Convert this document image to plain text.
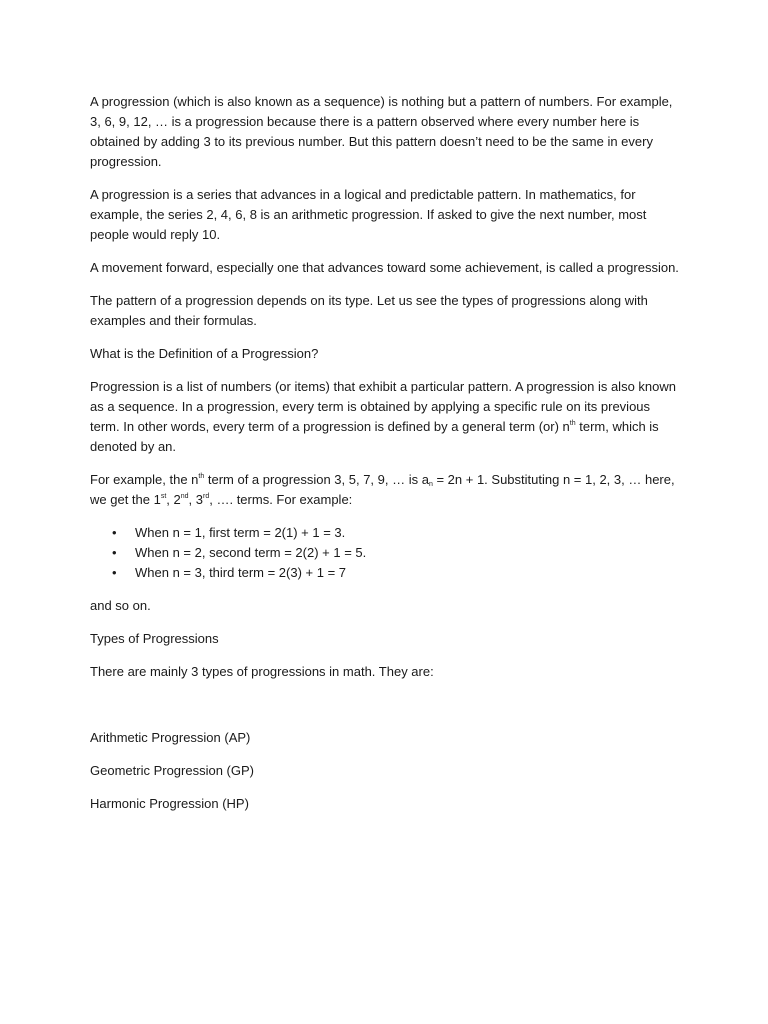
A progression (which is also known as a sequence) is nothing but a pattern of numbers. For example, 3, 6, 9, 12, … is a progression because there is a pattern observed where every number here is obtained by adding 3 to its previous number. But this pattern doesn’t need to be the same in every progression.

A progression is a series that advances in a logical and predictable pattern. In mathematics, for example, the series 2, 4, 6, 8 is an arithmetic progression. If asked to give the next number, most people would reply 10.

A movement forward, especially one that advances toward some achievement, is called a progression.

The pattern of a progression depends on its type. Let us see the types of progressions along with examples and their formulas.

What is the Definition of a Progression?

Progression is a list of numbers (or items) that exhibit a particular pattern. A progression is also known as a sequence. In a progression, every term is obtained by applying a specific rule on its previous term. In other words, every term of a progression is defined by a general term (or) $n^{th}$ term, which is denoted by an.

For example, the $n^{th}$ term of a progression 3, 5, 7, 9, … is $a_n = 2n + 1$. Substituting n = 1, 2, 3, … here, we get the 1st, 2nd, 3rd, …. terms. For example:

• When n = 1, first term = 2(1) + 1 = 3.
• When n = 2, second term = 2(2) + 1 = 5.
• When n = 3, third term = 2(3) + 1 = 7

and so on.

Types of Progressions

There are mainly 3 types of progressions in math. They are:

Arithmetic Progression (AP)

Geometric Progression (GP)

Harmonic Progression (HP)
